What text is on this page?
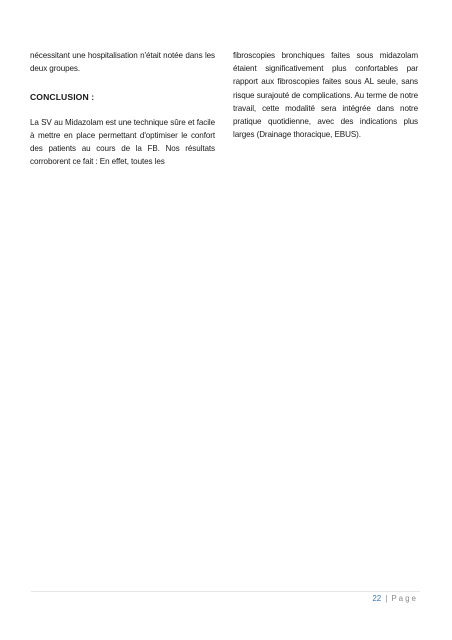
nécessitant une hospitalisation n'était notée dans les deux groupes.

CONCLUSION :

La SV au Midazolam est une technique sûre et facile à mettre en place permettant d'optimiser le confort des patients au cours de la FB. Nos résultats corroborent ce fait : En effet, toutes les

fibroscopies bronchiques faites sous midazolam étaient significativement plus confortables par rapport aux fibroscopies faites sous AL seule, sans risque surajouté de complications. Au terme de notre travail, cette modalité sera intégrée dans notre pratique quotidienne, avec des indications plus larges (Drainage thoracique, EBUS).

22 | Page
